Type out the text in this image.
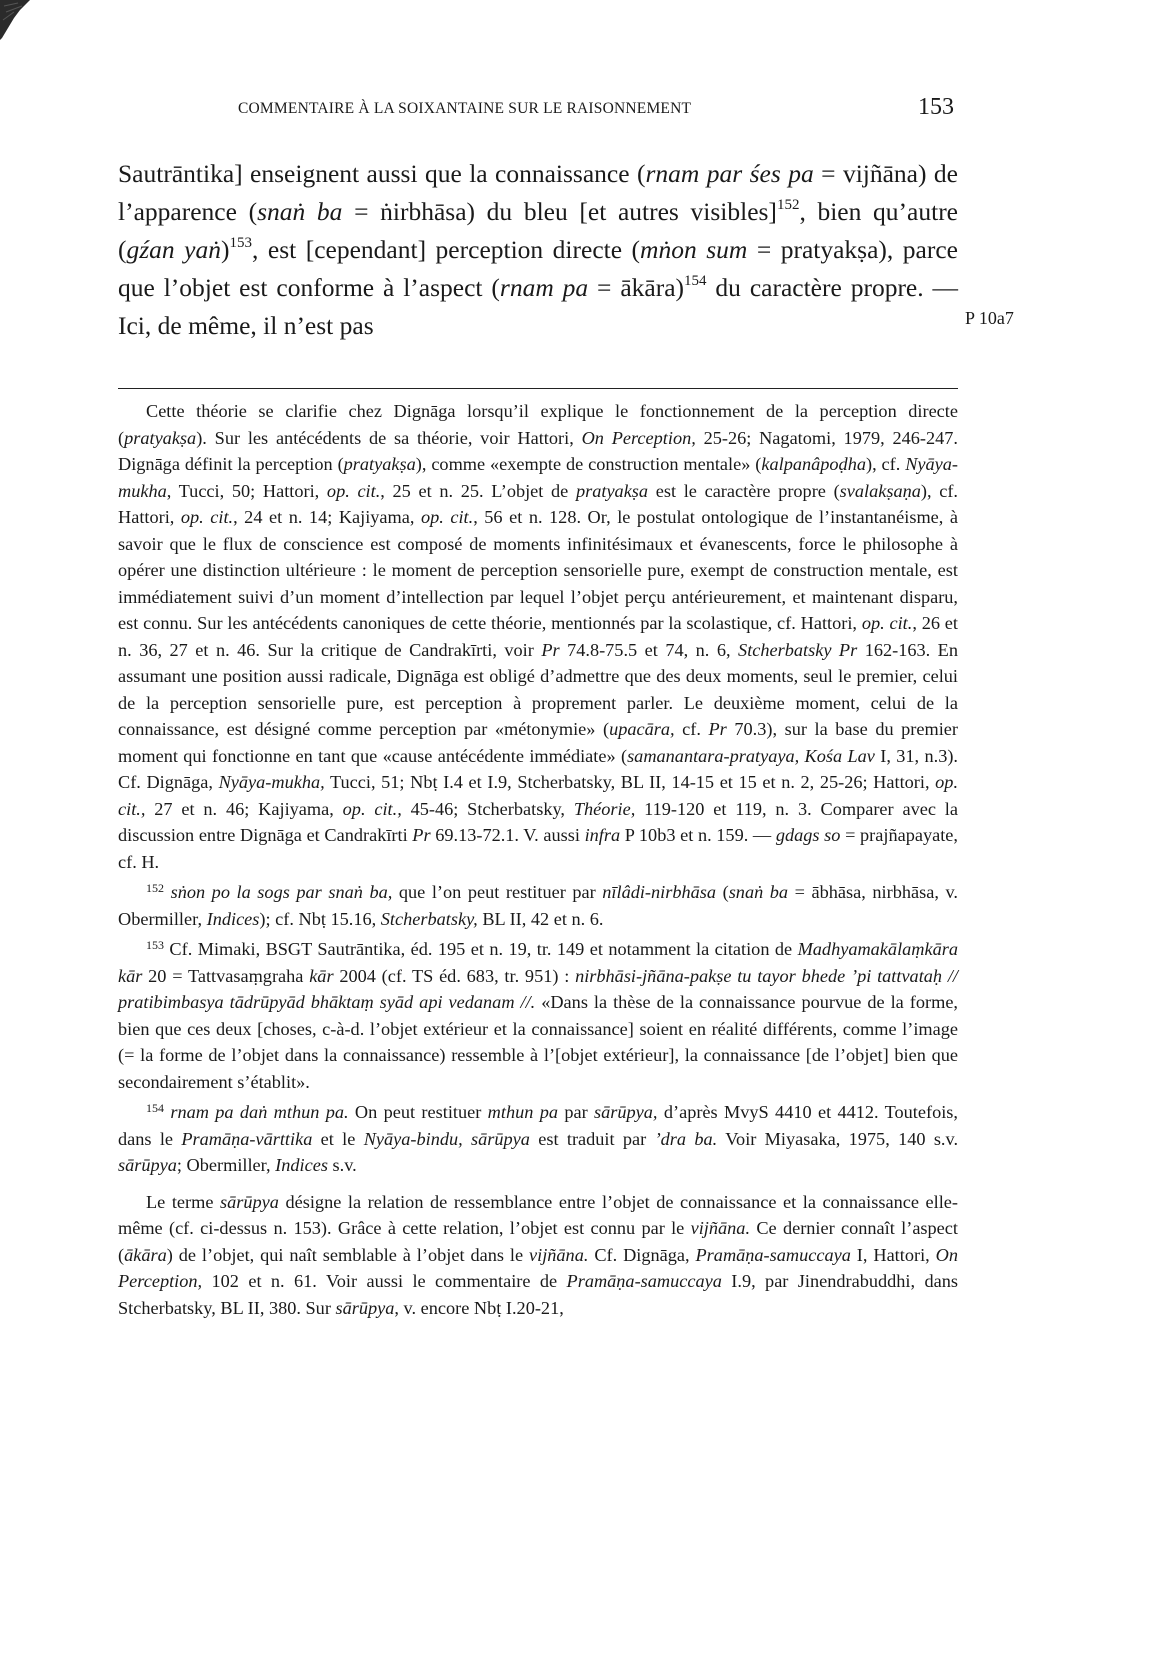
COMMENTAIRE À LA SOIXANTAINE SUR LE RAISONNEMENT	153

Sautrāntika] enseignent aussi que la connaissance (rnam par śes pa = vijñāna) de l’apparence (snaṅ ba = ṅirbhāsa) du bleu [et autres visibles]$^{152}$, bien qu’autre (gźan yaṅ)$^{153}$, est [cependant] perception directe (mṅon sum = pratyakṣa), parce que l’objet est conforme à l’aspect (rnam pa = ākāra)$^{154}$ du caractère propre. — Ici, de même, il n’est pas	P 10a7

Cette théorie se clarifie chez Dignāga lorsqu’il explique le fonctionnement de la perception directe (pratyakṣa). Sur les antécédents de sa théorie, voir Hattori, On Perception, 25-26; Nagatomi, 1979, 246-247. Dignāga définit la perception (pratyakṣa), comme «exempte de construction mentale» (kalpanâpoḍha), cf. Nyāya-mukha, Tucci, 50; Hattori, op. cit., 25 et n. 25. L’objet de pratyakṣa est le caractère propre (svalakṣaṇa), cf. Hattori, op. cit., 24 et n. 14; Kajiyama, op. cit., 56 et n. 128. Or, le postulat ontologique de l’instantanéisme, à savoir que le flux de conscience est composé de moments infinitésimaux et évanescents, force le philosophe à opérer une distinction ultérieure : le moment de perception sensorielle pure, exempt de construction mentale, est immédiatement suivi d’un moment d’intellection par lequel l’objet perçu antérieurement, et maintenant disparu, est connu. Sur les antécédents canoniques de cette théorie, mentionnés par la scolastique, cf. Hattori, op. cit., 26 et n. 36, 27 et n. 46. Sur la critique de Candrakīrti, voir Pr 74.8-75.5 et 74, n. 6, Stcherbatsky Pr 162-163. En assumant une position aussi radicale, Dignāga est obligé d’admettre que des deux moments, seul le premier, celui de la perception sensorielle pure, est perception à proprement parler. Le deuxième moment, celui de la connaissance, est désigné comme perception par «métonymie» (upacāra, cf. Pr 70.3), sur la base du premier moment qui fonctionne en tant que «cause antécédente immédiate» (samanantara-pratyaya, Kośa Lav I, 31, n.3). Cf. Dignāga, Nyāya-mukha, Tucci, 51; Nbṭ I.4 et I.9, Stcherbatsky, BL II, 14-15 et 15 et n. 2, 25-26; Hattori, op. cit., 27 et n. 46; Kajiyama, op. cit., 45-46; Stcherbatsky, Théorie, 119-120 et 119, n. 3. Comparer avec la discussion entre Dignāga et Candrakīrti Pr 69.13-72.1. V. aussi infra P 10b3 et n. 159. — gdags so = prajñapayate, cf. H.

$^{152}$ sṅon po la sogs par snaṅ ba, que l’on peut restituer par nīlâdi-nirbhāsa (snaṅ ba = ābhāsa, nirbhāsa, v. Obermiller, Indices); cf. Nbṭ 15.16, Stcherbatsky, BL II, 42 et n. 6.

$^{153}$ Cf. Mimaki, BSGT Sautrāntika, éd. 195 et n. 19, tr. 149 et notamment la citation de Madhyamakālaṃkāra kār 20 = Tattvasaṃgraha kār 2004 (cf. TS éd. 683, tr. 951) : nirbhāsi-jñāna-pakṣe tu tayor bhede ’pi tattvataḥ // pratibimbasya tādrūpyād bhāktaṃ syād api vedanam //. «Dans la thèse de la connaissance pourvue de la forme, bien que ces deux [choses, c-à-d. l’objet extérieur et la connaissance] soient en réalité différents, comme l’image (= la forme de l’objet dans la connaissance) ressemble à l’[objet extérieur], la connaissance [de l’objet] bien que secondairement s’établit».

$^{154}$ rnam pa daṅ mthun pa. On peut restituer mthun pa par sārūpya, d’après MvyS 4410 et 4412. Toutefois, dans le Pramāṇa-vārttika et le Nyāya-bindu, sārūpya est traduit par ’dra ba. Voir Miyasaka, 1975, 140 s.v. sārūpya; Obermiller, Indices s.v.

Le terme sārūpya désigne la relation de ressemblance entre l’objet de connaissance et la connaissance elle-même (cf. ci-dessus n. 153). Grâce à cette relation, l’objet est connu par le vijñāna. Ce dernier connaît l’aspect (ākāra) de l’objet, qui naît semblable à l’objet dans le vijñāna. Cf. Dignāga, Pramāṇa-samuccaya I, Hattori, On Perception, 102 et n. 61. Voir aussi le commentaire de Pramāṇa-samuccaya I.9, par Jinendrabuddhi, dans Stcherbatsky, BL II, 380. Sur sārūpya, v. encore Nbṭ I.20-21,
